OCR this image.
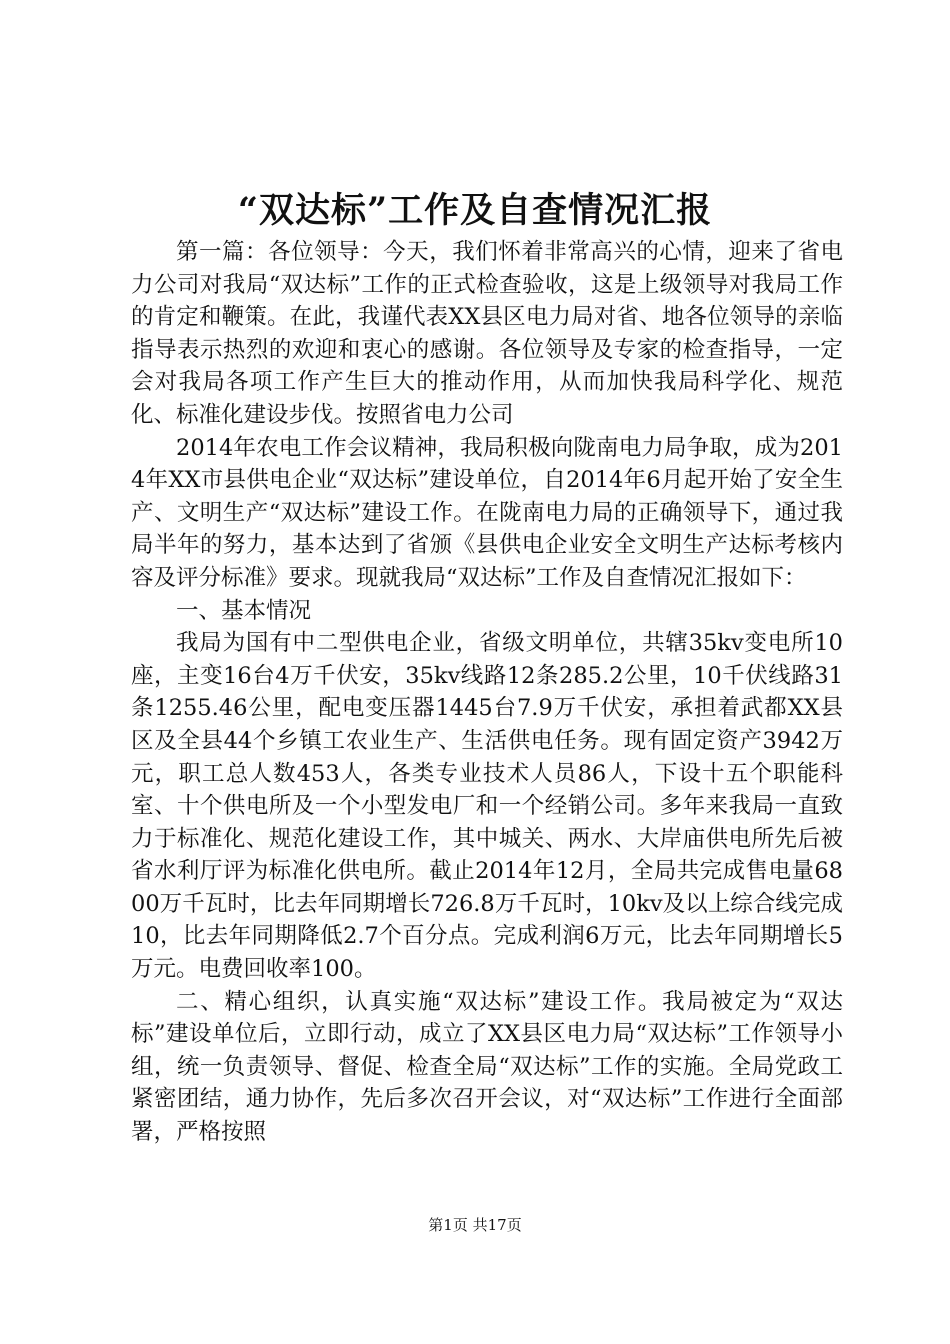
“双达标”工作及自查情况汇报

第一篇：各位领导：今天，我们怀着非常高兴的心情，迎来了省电力公司对我局“双达标”工作的正式检查验收，这是上级领导对我局工作的肯定和鞭策。在此，我谨代表XX县区电力局对省、地各位领导的亲临指导表示热烈的欢迎和衷心的感谢。各位领导及专家的检查指导，一定会对我局各项工作产生巨大的推动作用，从而加快我局科学化、规范化、标准化建设步伐。按照省电力公司

2014年农电工作会议精神，我局积极向陇南电力局争取，成为2014年XX市县供电企业“双达标”建设单位，自2014年6月起开始了安全生产、文明生产“双达标”建设工作。在陇南电力局的正确领导下，通过我局半年的努力，基本达到了省颁《县供电企业安全文明生产达标考核内容及评分标准》要求。现就我局“双达标”工作及自查情况汇报如下：

一、基本情况

我局为国有中二型供电企业，省级文明单位，共辖35kv变电所10座，主变16台4万千伏安，35kv线路12条285.2公里，10千伏线路31条1255.46公里，配电变压器1445台7.9万千伏安，承担着武都XX县区及全县44个乡镇工农业生产、生活供电任务。现有固定资产3942万元，职工总人数453人，各类专业技术人员86人，下设十五个职能科室、十个供电所及一个小型发电厂和一个经销公司。多年来我局一直致力于标准化、规范化建设工作，其中城关、两水、大岸庙供电所先后被省水利厅评为标准化供电所。截止2014年12月，全局共完成售电量6800万千瓦时，比去年同期增长726.8万千瓦时，10kv及以上综合线完成10，比去年同期降低2.7个百分点。完成利润6万元，比去年同期增长5万元。电费回收率100。

二、精心组织，认真实施“双达标”建设工作。我局被定为“双达标”建设单位后，立即行动，成立了XX县区电力局“双达标”工作领导小组，统一负责领导、督促、检查全局“双达标”工作的实施。全局党政工紧密团结，通力协作，先后多次召开会议，对“双达标”工作进行全面部署，严格按照

第1页 共17页
